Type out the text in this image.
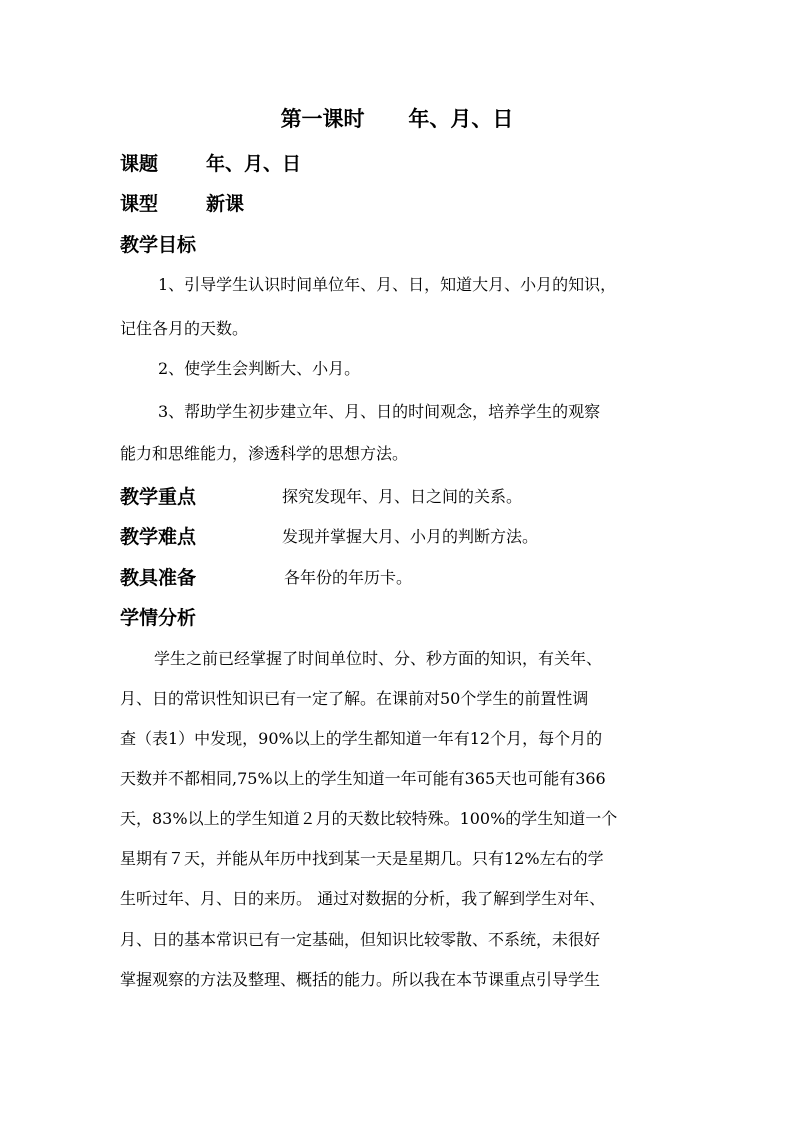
第一课时      年、月、日
课题	年、月、日
课型	新课
教学目标
1、引导学生认识时间单位年、月、日，知道大月、小月的知识，
记住各月的天数。
2、使学生会判断大、小月。
3、帮助学生初步建立年、月、日的时间观念，培养学生的观察
能力和思维能力，渗透科学的思想方法。
教学重点	探究发现年、月、日之间的关系。
教学难点	发现并掌握大月、小月的判断方法。
教具准备	各年份的年历卡。
学情分析
学生之前已经掌握了时间单位时、分、秒方面的知识，有关年、
月、日的常识性知识已有一定了解。在课前对50个学生的前置性调
查（表1）中发现，90%以上的学生都知道一年有12个月，每个月的
天数并不都相同,75%以上的学生知道一年可能有365天也可能有366
天，83%以上的学生知道２月的天数比较特殊。100%的学生知道一个
星期有７天，并能从年历中找到某一天是星期几。只有12%左右的学
生听过年、月、日的来历。 通过对数据的分析，我了解到学生对年、
月、日的基本常识已有一定基础，但知识比较零散、不系统，未很好
掌握观察的方法及整理、概括的能力。所以我在本节课重点引导学生
